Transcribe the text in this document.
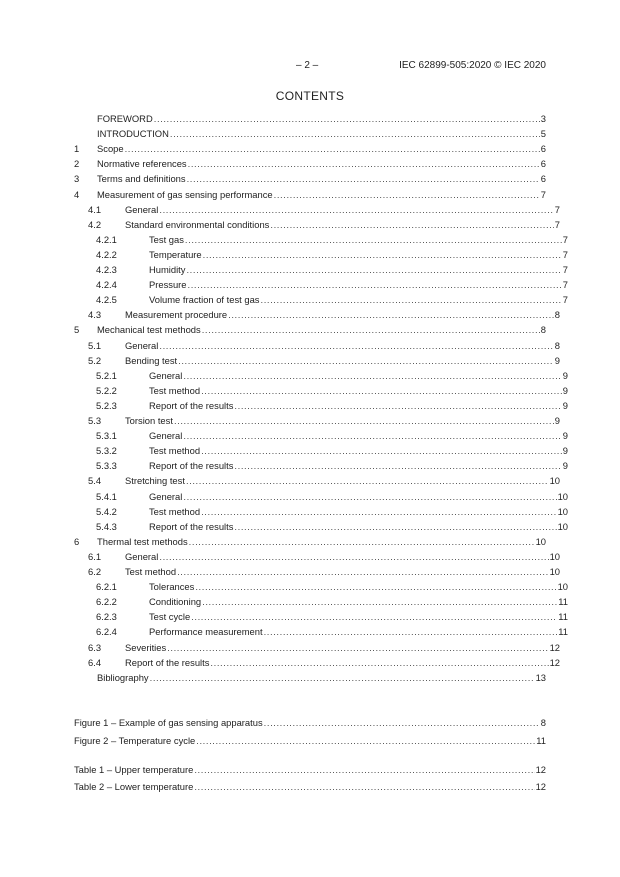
– 2 –	IEC 62899-505:2020 © IEC 2020
CONTENTS
FOREWORD .....	3
INTRODUCTION .....	5
1	Scope .....	6
2	Normative references .....	6
3	Terms and definitions .....	6
4	Measurement of gas sensing performance .....	7
4.1	General .....	7
4.2	Standard environmental conditions .....	7
4.2.1	Test gas .....	7
4.2.2	Temperature .....	7
4.2.3	Humidity .....	7
4.2.4	Pressure .....	7
4.2.5	Volume fraction of test gas .....	7
4.3	Measurement procedure .....	8
5	Mechanical test methods .....	8
5.1	General .....	8
5.2	Bending test .....	9
5.2.1	General .....	9
5.2.2	Test method .....	9
5.2.3	Report of the results .....	9
5.3	Torsion test .....	9
5.3.1	General .....	9
5.3.2	Test method .....	9
5.3.3	Report of the results .....	9
5.4	Stretching test .....	10
5.4.1	General .....	10
5.4.2	Test method .....	10
5.4.3	Report of the results .....	10
6	Thermal test methods .....	10
6.1	General .....	10
6.2	Test method .....	10
6.2.1	Tolerances .....	10
6.2.2	Conditioning .....	11
6.2.3	Test cycle .....	11
6.2.4	Performance measurement .....	11
6.3	Severities .....	12
6.4	Report of the results .....	12
Bibliography .....	13
Figure 1 – Example of gas sensing apparatus .....	8
Figure 2 – Temperature cycle .....	11
Table 1 – Upper temperature .....	12
Table 2 – Lower temperature .....	12
